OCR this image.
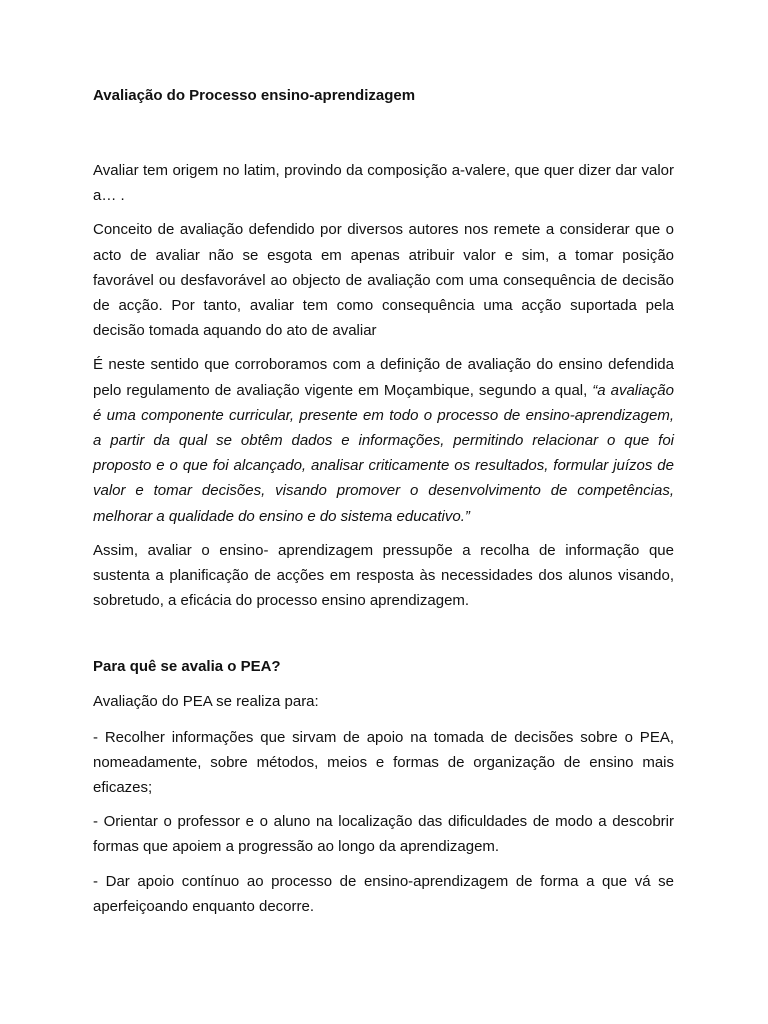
Avaliação do Processo ensino-aprendizagem

Avaliar tem origem no latim, provindo da composição a-valere, que quer dizer dar valor a… .

Conceito de avaliação defendido por diversos autores nos remete a considerar que o acto de avaliar não se esgota em apenas atribuir valor e sim, a tomar posição favorável ou desfavorável ao objecto de avaliação com uma consequência de decisão de acção. Por tanto, avaliar tem como consequência uma acção suportada pela decisão tomada aquando do ato de avaliar

É neste sentido que corroboramos com a definição de avaliação do ensino defendida pelo regulamento de avaliação vigente em Moçambique, segundo a qual, “a avaliação é uma componente curricular, presente em todo o processo de ensino-aprendizagem, a partir da qual se obtêm dados e informações, permitindo relacionar o que foi proposto e o que foi alcançado, analisar criticamente os resultados, formular juízos de valor e tomar decisões, visando promover o desenvolvimento de competências, melhorar a qualidade do ensino e do sistema educativo.”

Assim, avaliar o ensino- aprendizagem pressupõe a recolha de informação que sustenta a planificação de acções em resposta às necessidades dos alunos visando, sobretudo, a eficácia do processo ensino aprendizagem.

Para quê se avalia o PEA?

Avaliação do PEA se realiza para:

- Recolher informações que sirvam de apoio na tomada de decisões sobre o PEA, nomeadamente, sobre métodos, meios e formas de organização de ensino mais eficazes;

- Orientar o professor e o aluno na localização das dificuldades de modo a descobrir formas que apoiem a progressão ao longo da aprendizagem.

- Dar apoio contínuo ao processo de ensino-aprendizagem de forma a que vá se aperfeiçoando enquanto decorre.
